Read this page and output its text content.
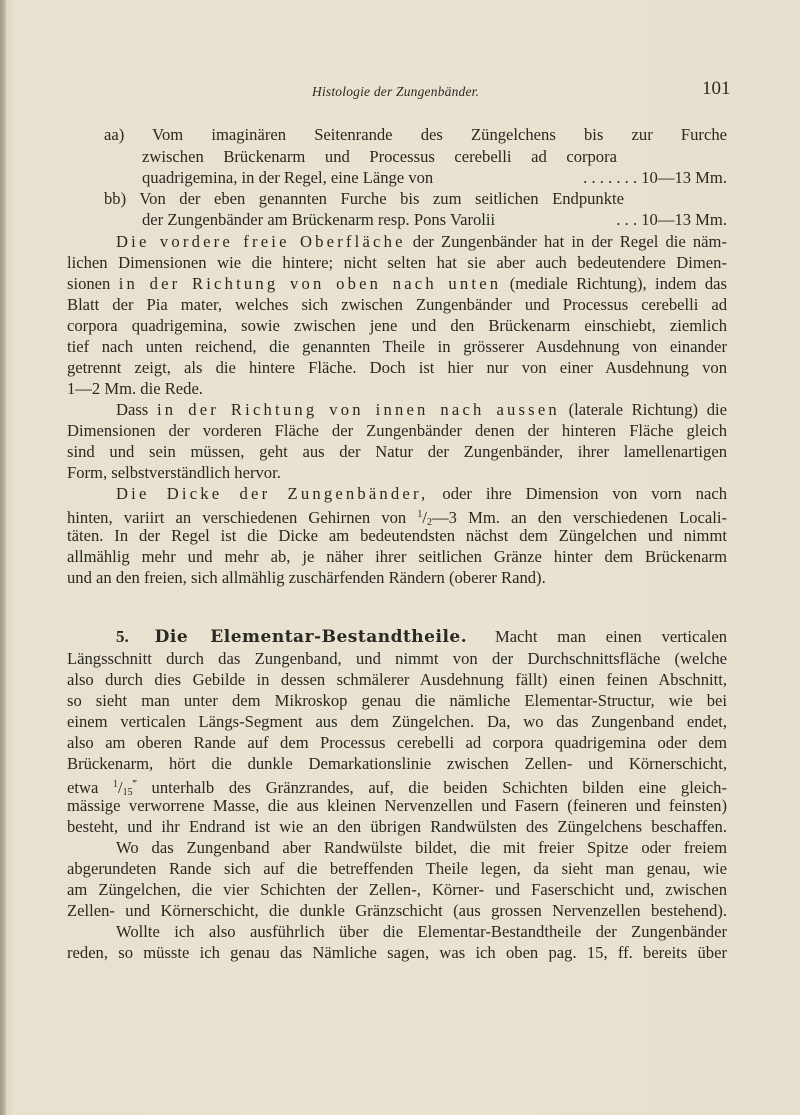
Histologie der Zungenbänder.	101
aa) Vom imaginären Seitenrande des Züngelchens bis zur Furche
zwischen Brückenarm und Processus cerebelli ad corpora
quadrigemina, in der Regel, eine Länge von	. . . . . . . 10—13 Mm.
bb) Von der eben genannten Furche bis zum seitlichen Endpunkte
der Zungenbänder am Brückenarm resp. Pons Varolii	. . . 10—13 Mm.
Die vordere freie Oberfläche der Zungenbänder hat in der Regel die näm-
lichen Dimensionen wie die hintere; nicht selten hat sie aber auch bedeutendere Dimen-
sionen in der Richtung von oben nach unten (mediale Richtung), indem das
Blatt der Pia mater, welches sich zwischen Zungenbänder und Processus cerebelli ad
corpora quadrigemina, sowie zwischen jene und den Brückenarm einschiebt, ziemlich
tief nach unten reichend, die genannten Theile in grösserer Ausdehnung von einander
getrennt zeigt, als die hintere Fläche. Doch ist hier nur von einer Ausdehnung von
1—2 Mm. die Rede.
Dass in der Richtung von innen nach aussen (laterale Richtung) die
Dimensionen der vorderen Fläche der Zungenbänder denen der hinteren Fläche gleich
sind und sein müssen, geht aus der Natur der Zungenbänder, ihrer lamellenartigen
Form, selbstverständlich hervor.
Die Dicke der Zungenbänder, oder ihre Dimension von vorn nach
hinten, variirt an verschiedenen Gehirnen von $^1/_2—3$ Mm. an den verschiedenen Locali-
täten. In der Regel ist die Dicke am bedeutendsten nächst dem Züngelchen und nimmt
allmählig mehr und mehr ab, je näher ihrer seitlichen Gränze hinter dem Brückenarm
und an den freien, sich allmählig zuschärfenden Rändern (oberer Rand).
5. Die Elementar-Bestandtheile. Macht man einen verticalen
Längsschnitt durch das Zungenband, und nimmt von der Durchschnittsfläche (welche
also durch dies Gebilde in dessen schmälerer Ausdehnung fällt) einen feinen Abschnitt,
so sieht man unter dem Mikroskop genau die nämliche Elementar-Structur, wie bei
einem verticalen Längs-Segment aus dem Züngelchen. Da, wo das Zungenband endet,
also am oberen Rande auf dem Processus cerebelli ad corpora quadrigemina oder dem
Brückenarm, hört die dunkle Demarkationslinie zwischen Zellen- und Körnerschicht,
etwa $^1/_{15}^‴$ unterhalb des Gränzrandes, auf, die beiden Schichten bilden eine gleich-
mässige verworrene Masse, die aus kleinen Nervenzellen und Fasern (feineren und feinsten)
besteht, und ihr Endrand ist wie an den übrigen Randwülsten des Züngelchens beschaffen.
Wo das Zungenband aber Randwülste bildet, die mit freier Spitze oder freiem
abgerundeten Rande sich auf die betreffenden Theile legen, da sieht man genau, wie
am Züngelchen, die vier Schichten der Zellen-, Körner- und Faserschicht und, zwischen
Zellen- und Körnerschicht, die dunkle Gränzschicht (aus grossen Nervenzellen bestehend).
Wollte ich also ausführlich über die Elementar-Bestandtheile der Zungenbänder
reden, so müsste ich genau das Nämliche sagen, was ich oben pag. 15, ff. bereits über
